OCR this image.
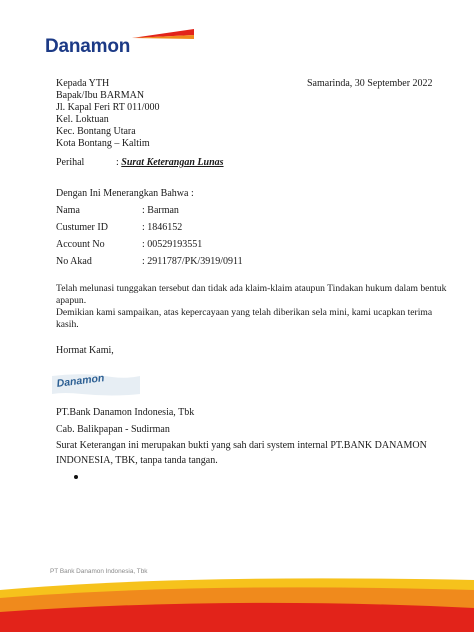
Danamon
Samarinda, 30 September 2022
Kepada YTH
Bapak/Ibu BARMAN
Jl. Kapal Feri RT 011/000
Kel. Loktuan
Kec. Bontang Utara
Kota Bontang – Kaltim
Perihal	: Surat Keterangan Lunas
Dengan Ini Menerangkan Bahwa :
Nama	: Barman
Custumer ID	: 1846152
Account No	: 00529193551
No Akad	: 2911787/PK/3919/0911
Telah melunasi tunggakan tersebut dan tidak ada klaim-klaim ataupun Tindakan hukum dalam bentuk
apapun.
Demikian kami sampaikan, atas kepercayaan yang telah diberikan sela mini, kami ucapkan terima
kasih.
Hormat Kami,
Danamon
PT.Bank Danamon Indonesia, Tbk
Cab. Balikpapan - Sudirman
Surat Keterangan ini merupakan bukti yang sah dari system internal PT.BANK DANAMON
INDONESIA, TBK, tanpa tanda tangan.
PT Bank Danamon Indonesia, Tbk
